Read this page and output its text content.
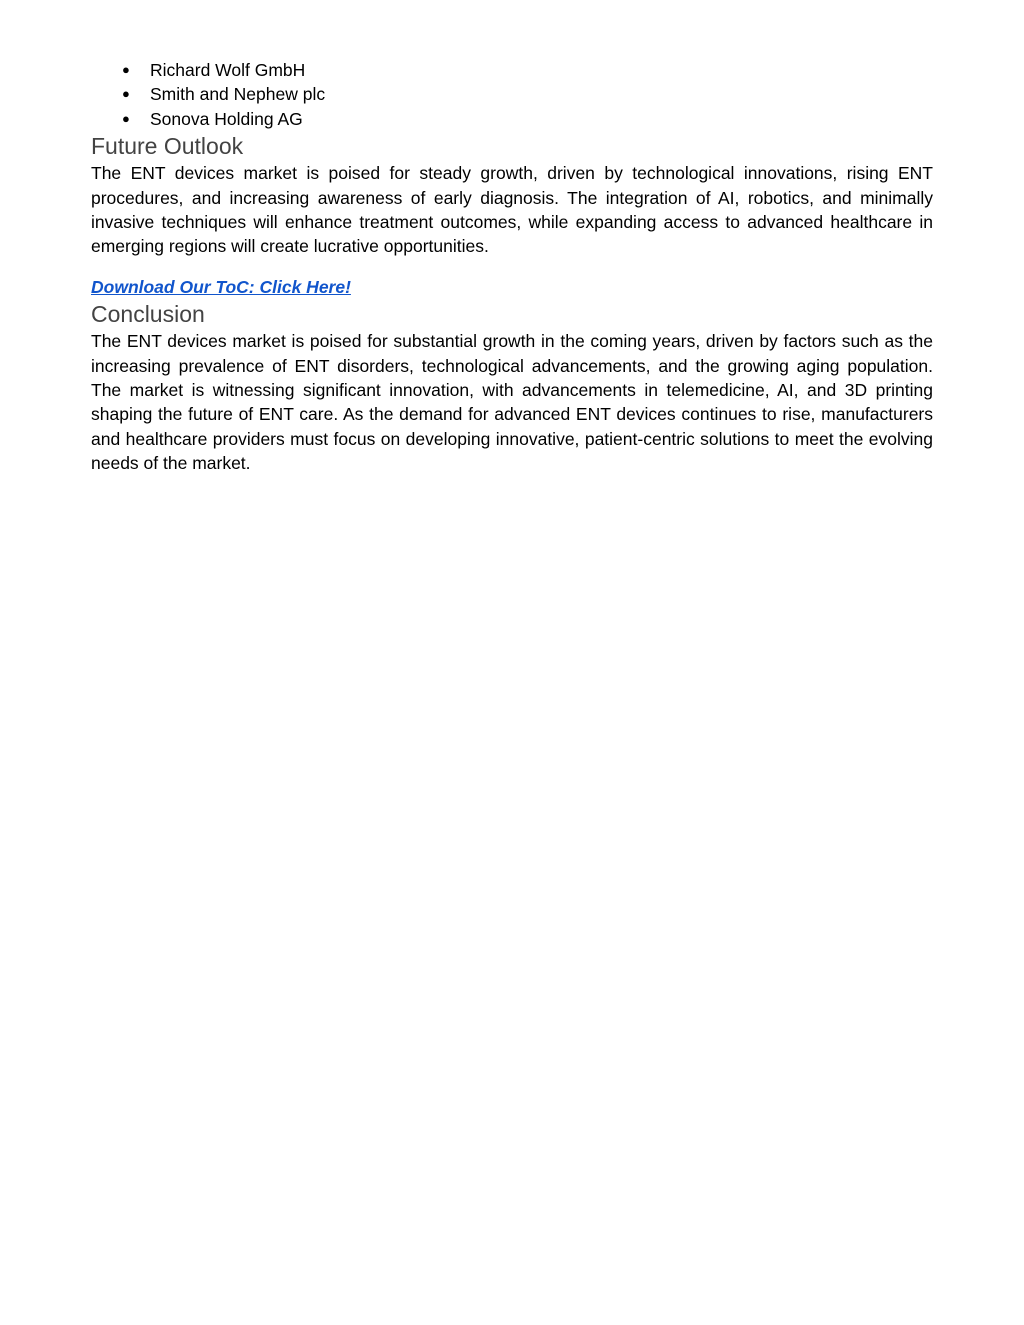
● Richard Wolf GmbH
● Smith and Nephew plc
● Sonova Holding AG
Future Outlook

The ENT devices market is poised for steady growth, driven by technological innovations, rising ENT procedures, and increasing awareness of early diagnosis. The integration of AI, robotics, and minimally invasive techniques will enhance treatment outcomes, while expanding access to advanced healthcare in emerging regions will create lucrative opportunities.

Download Our ToC: Click Here!
Conclusion

The ENT devices market is poised for substantial growth in the coming years, driven by factors such as the increasing prevalence of ENT disorders, technological advancements, and the growing aging population. The market is witnessing significant innovation, with advancements in telemedicine, AI, and 3D printing shaping the future of ENT care. As the demand for advanced ENT devices continues to rise, manufacturers and healthcare providers must focus on developing innovative, patient-centric solutions to meet the evolving needs of the market.
